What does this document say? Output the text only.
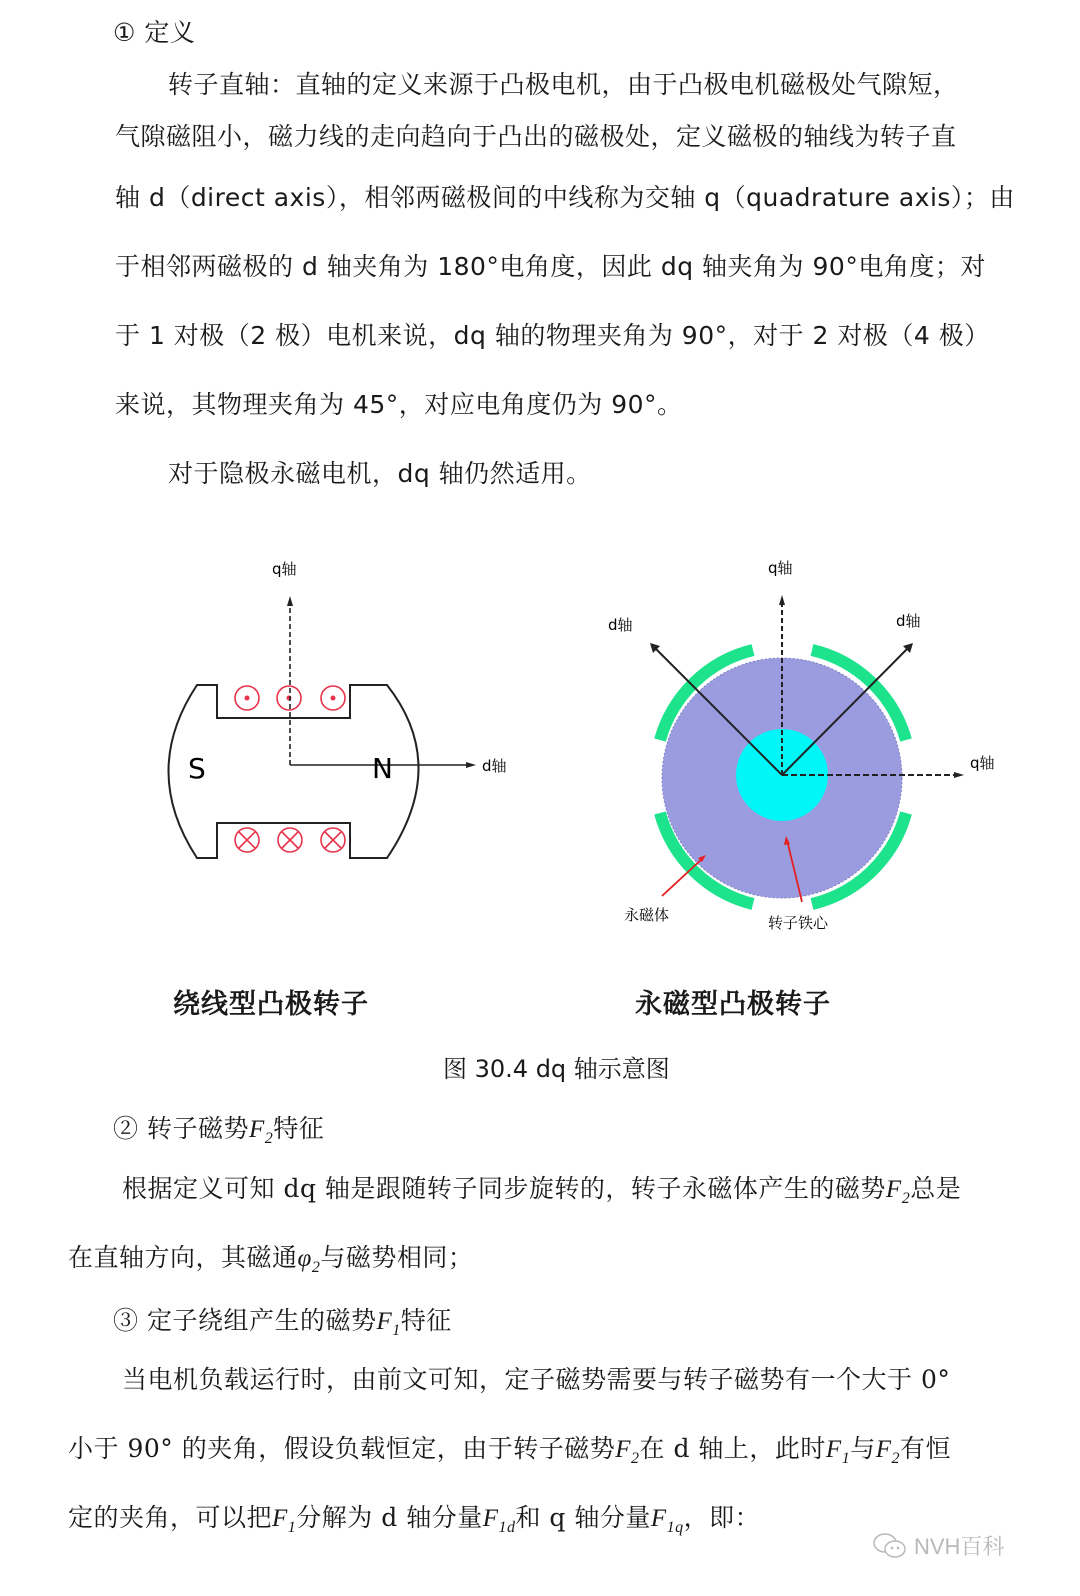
① 定义
转子直轴：直轴的定义来源于凸极电机，由于凸极电机磁极处气隙短，
气隙磁阻小，磁力线的走向趋向于凸出的磁极处，定义磁极的轴线为转子直
轴 d（direct axis），相邻两磁极间的中线称为交轴 q（quadrature axis）；由
于相邻两磁极的 d 轴夹角为 180°电角度，因此 dq 轴夹角为 90°电角度；对
于 1 对极（2 极）电机来说，dq 轴的物理夹角为 90°，对于 2 对极（4 极）
来说，其物理夹角为 45°，对应电角度仍为 90°。
对于隐极永磁电机，dq 轴仍然适用。
q轴
d轴
S	N
q轴
d轴	d轴
q轴
永磁体	转子铁心
绕线型凸极转子	永磁型凸极转子
图 30.4 dq 轴示意图
② 转子磁势$F_2$特征
根据定义可知 dq 轴是跟随转子同步旋转的，转子永磁体产生的磁势$F_2$总是
在直轴方向，其磁通$\varphi_2$与磁势相同；
③ 定子绕组产生的磁势$F_1$特征
当电机负载运行时，由前文可知，定子磁势需要与转子磁势有一个大于 0°
小于 90° 的夹角，假设负载恒定，由于转子磁势$F_2$在 d 轴上，此时$F_1$与$F_2$有恒
定的夹角，可以把$F_1$分解为 d 轴分量$F_{1d}$和 q 轴分量$F_{1q}$，即：
NVH百科
